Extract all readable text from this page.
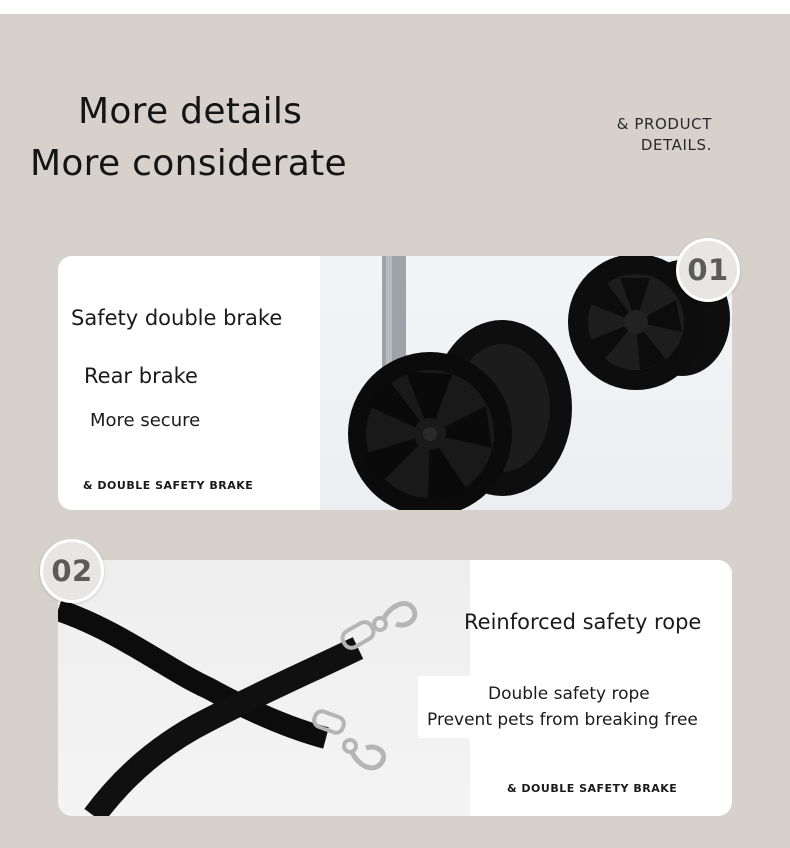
More details
More considerate
& PRODUCT
DETAILS.
Safety double brake
Rear brake
More secure
& DOUBLE SAFETY BRAKE
01
Reinforced safety rope
Double safety rope
Prevent pets from breaking free
& DOUBLE SAFETY BRAKE
02
